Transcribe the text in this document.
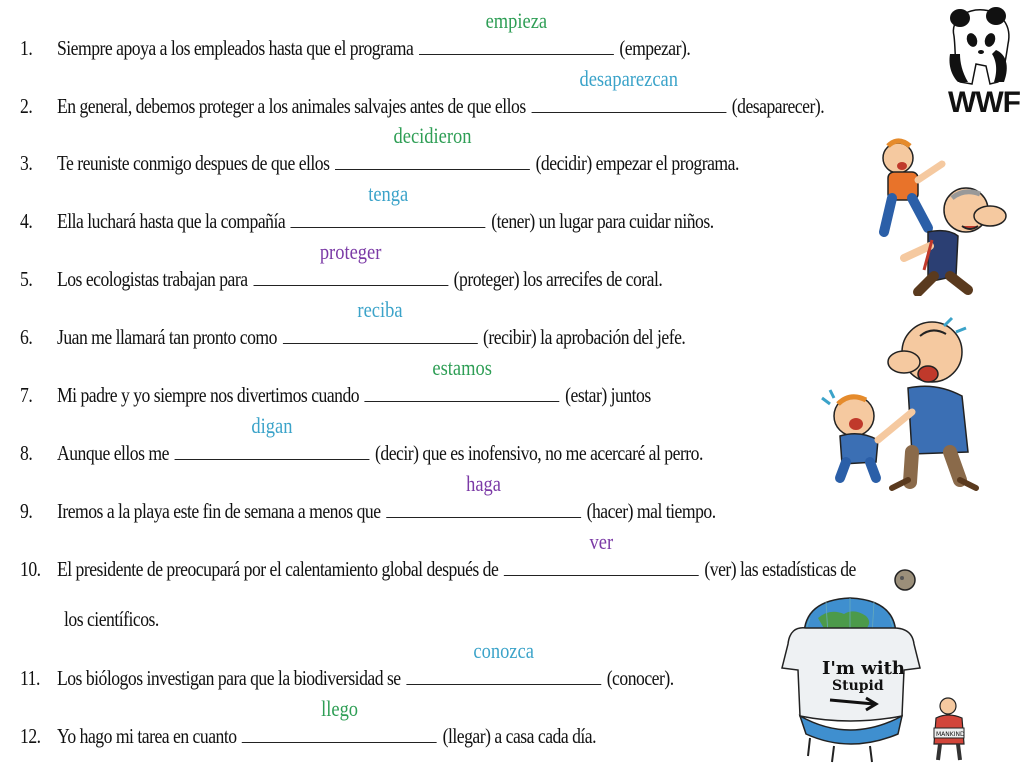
1. Siempre apoya a los empleados hasta que el programa
empieza
(empezar).
2. En general, debemos proteger a los animales salvajes antes de que ellos
desaparezcan
(desaparecer).
3. Te reuniste conmigo despues de que ellos
decidieron
(decidir) empezar el programa.
4. Ella luchará hasta que la compañía
tenga
(tener) un lugar para cuidar niños.
5. Los ecologistas trabajan para
proteger
(proteger) los arrecifes de coral.
6. Juan me llamará tan pronto como
reciba
(recibir) la aprobación del jefe.
7. Mi padre y yo siempre nos divertimos cuando
estamos
(estar) juntos
8. Aunque ellos me
digan
(decir) que es inofensivo, no me acercaré al perro.
9. Iremos a la playa este fin de semana a menos que
haga
(hacer) mal tiempo.
10. El presidente de preocupará por el calentamiento global después de
ver
(ver) las estadísticas de
los científicos.
11. Los biólogos investigan para que la biodiversidad se
conozca
(conocer).
12. Yo hago mi tarea en cuanto
llego
(llegar) a casa cada día.
WWF
I'm with
Stupid
MANKIND
